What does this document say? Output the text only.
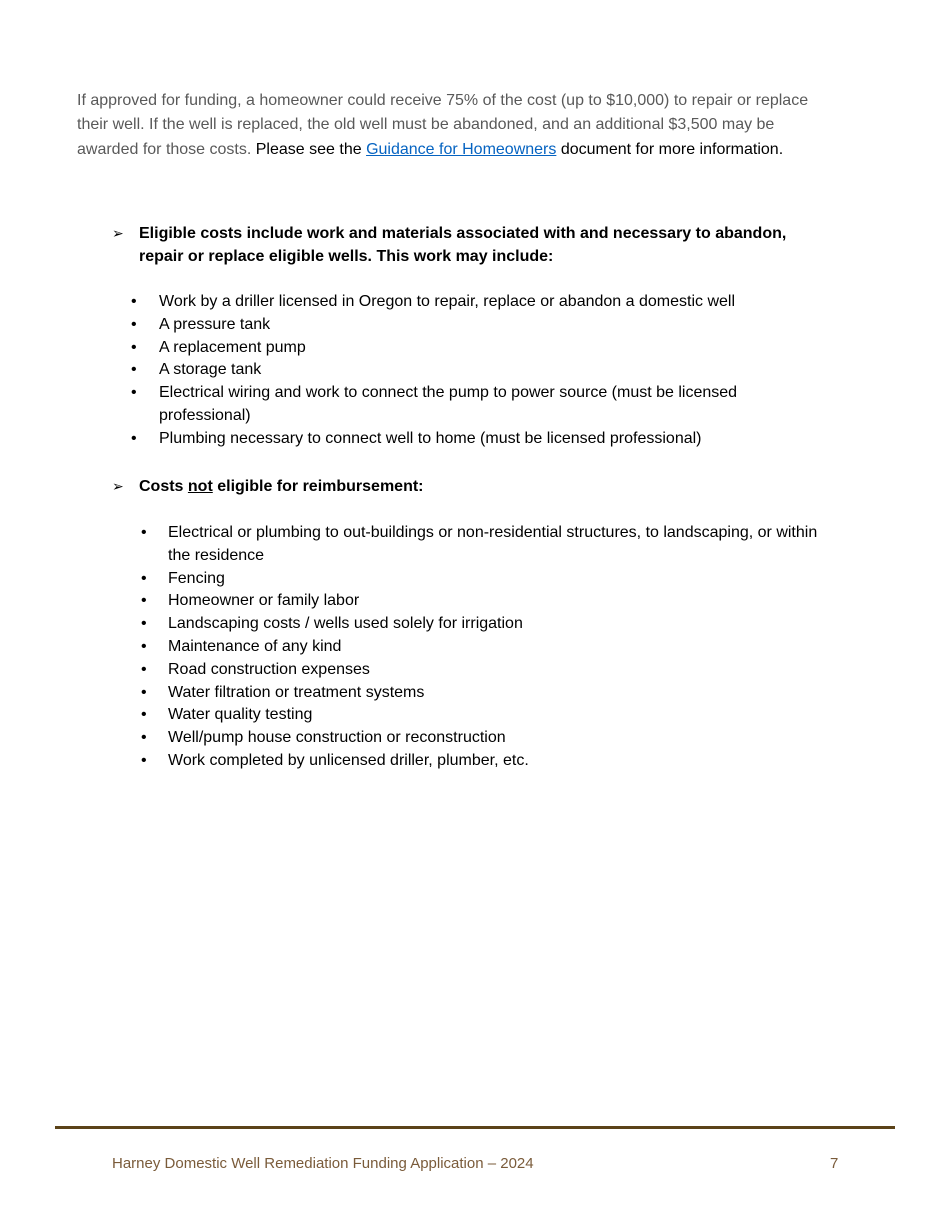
If approved for funding, a homeowner could receive 75% of the cost (up to $10,000) to repair or replace their well. If the well is replaced, the old well must be abandoned, and an additional $3,500 may be awarded for those costs. Please see the Guidance for Homeowners document for more information.

➢ Eligible costs include work and materials associated with and necessary to abandon, repair or replace eligible wells. This work may include:
• Work by a driller licensed in Oregon to repair, replace or abandon a domestic well
• A pressure tank
• A replacement pump
• A storage tank
• Electrical wiring and work to connect the pump to power source (must be licensed professional)
• Plumbing necessary to connect well to home (must be licensed professional)
➢ Costs not eligible for reimbursement:
• Electrical or plumbing to out-buildings or non-residential structures, to landscaping, or within the residence
• Fencing
• Homeowner or family labor
• Landscaping costs / wells used solely for irrigation
• Maintenance of any kind
• Road construction expenses
• Water filtration or treatment systems
• Water quality testing
• Well/pump house construction or reconstruction
• Work completed by unlicensed driller, plumber, etc.
Harney Domestic Well Remediation Funding Application – 2024	7
